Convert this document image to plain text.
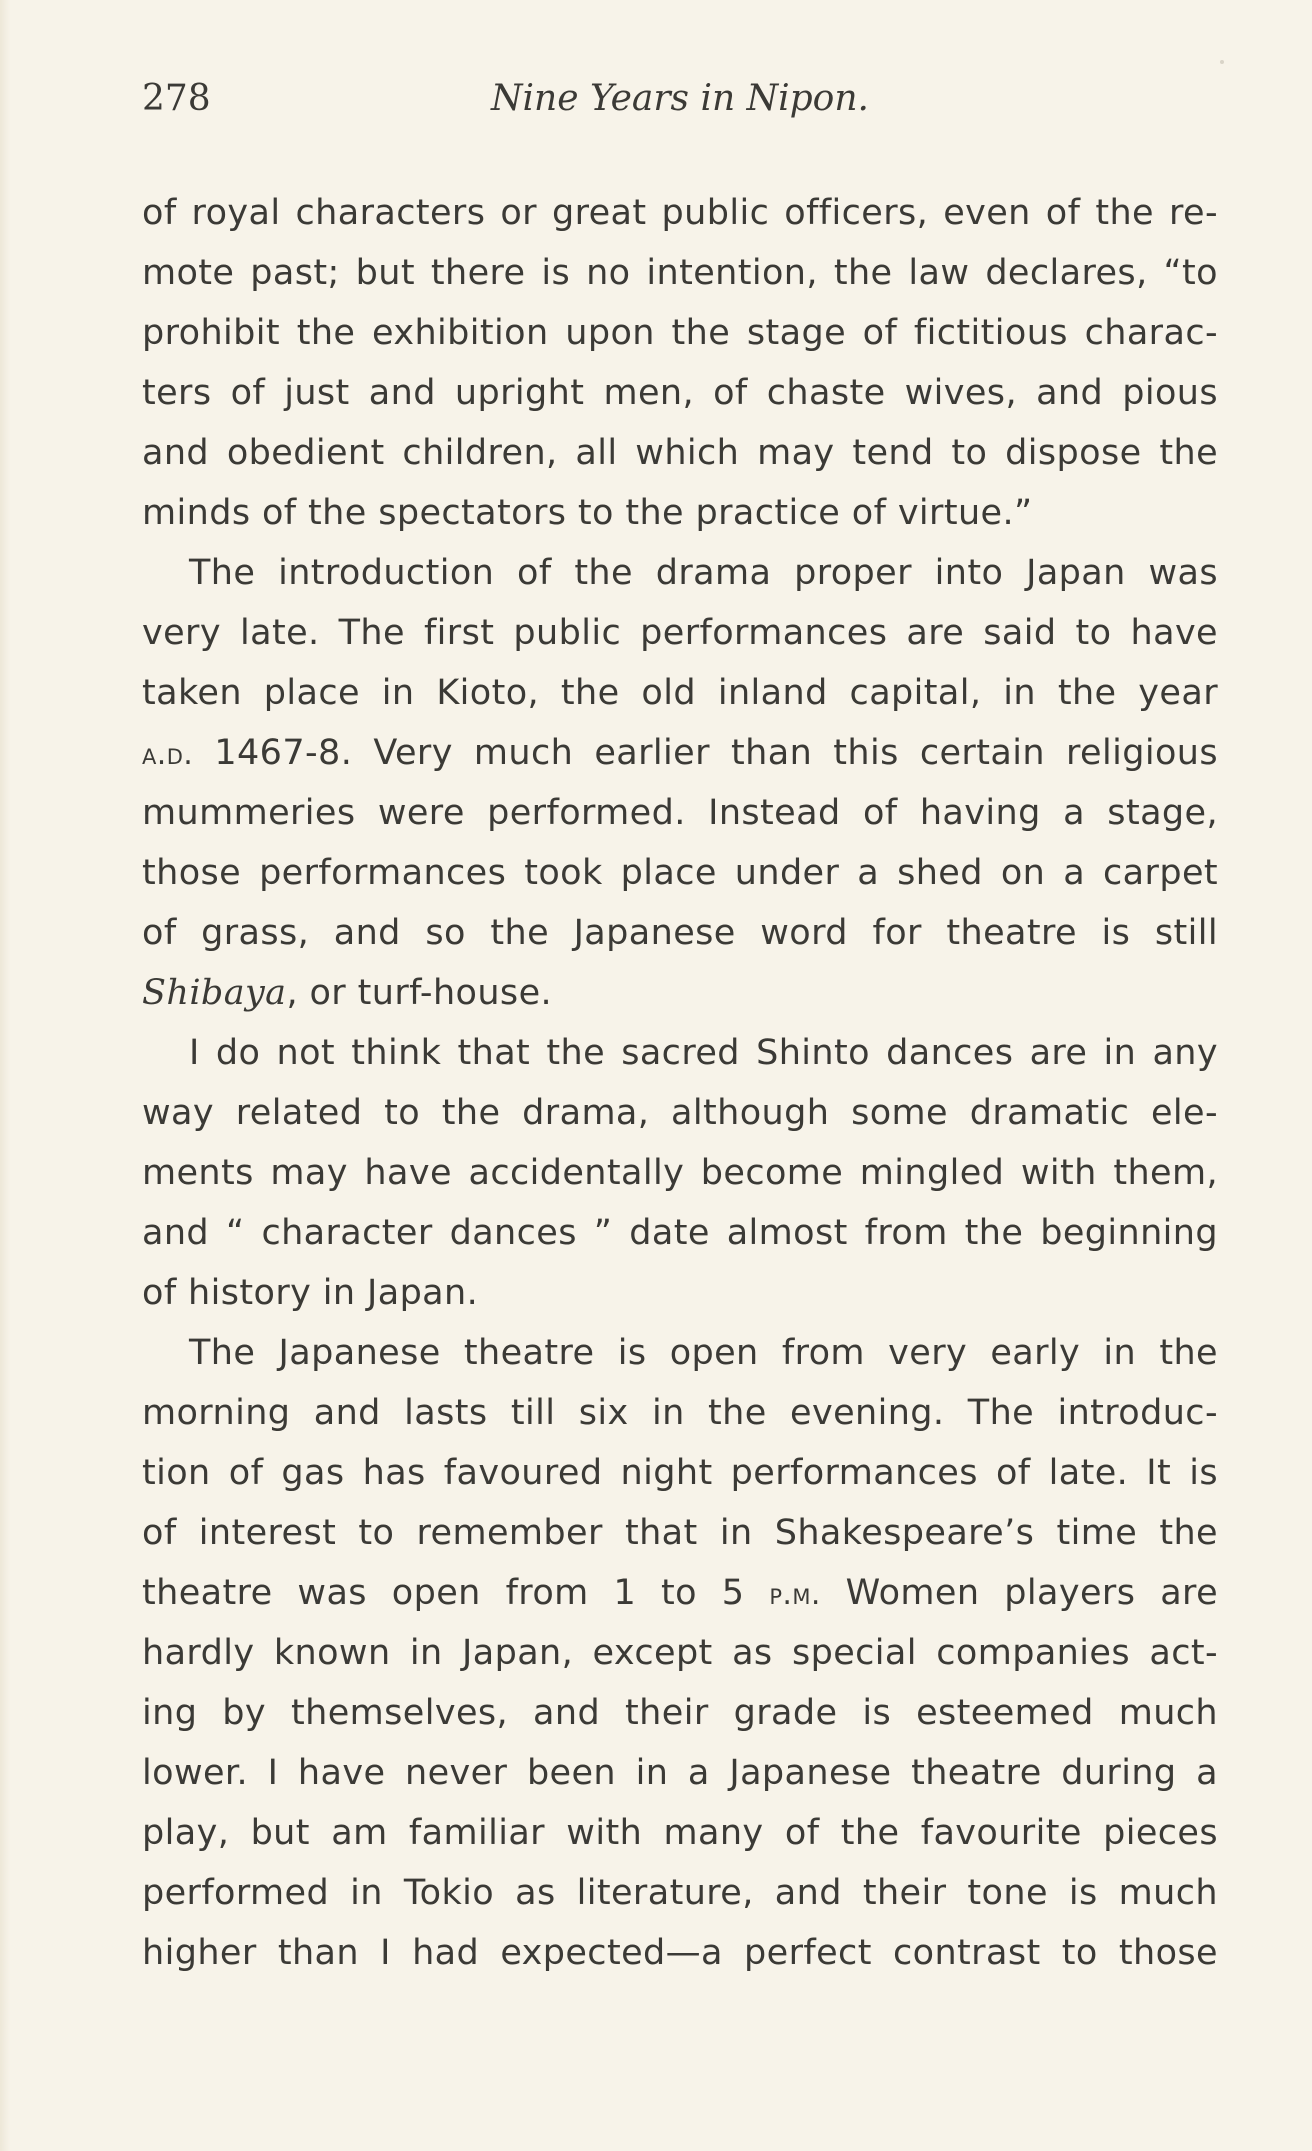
278	Nine Years in Nipon.
of royal characters or great public officers, even of the re-
mote past; but there is no intention, the law declares, “to
prohibit the exhibition upon the stage of fictitious charac-
ters of just and upright men, of chaste wives, and pious
and obedient children, all which may tend to dispose the
minds of the spectators to the practice of virtue.”
The introduction of the drama proper into Japan was
very late. The first public performances are said to have
taken place in Kioto, the old inland capital, in the year
a.d. 1467-8. Very much earlier than this certain religious
mummeries were performed. Instead of having a stage,
those performances took place under a shed on a carpet
of grass, and so the Japanese word for theatre is still
Shibaya, or turf-house.
I do not think that the sacred Shinto dances are in any
way related to the drama, although some dramatic ele-
ments may have accidentally become mingled with them,
and “ character dances ” date almost from the beginning
of history in Japan.
The Japanese theatre is open from very early in the
morning and lasts till six in the evening. The introduc-
tion of gas has favoured night performances of late. It is
of interest to remember that in Shakespeare’s time the
theatre was open from 1 to 5 p.m. Women players are
hardly known in Japan, except as special companies act-
ing by themselves, and their grade is esteemed much
lower. I have never been in a Japanese theatre during a
play, but am familiar with many of the favourite pieces
performed in Tokio as literature, and their tone is much
higher than I had expected—a perfect contrast to those
